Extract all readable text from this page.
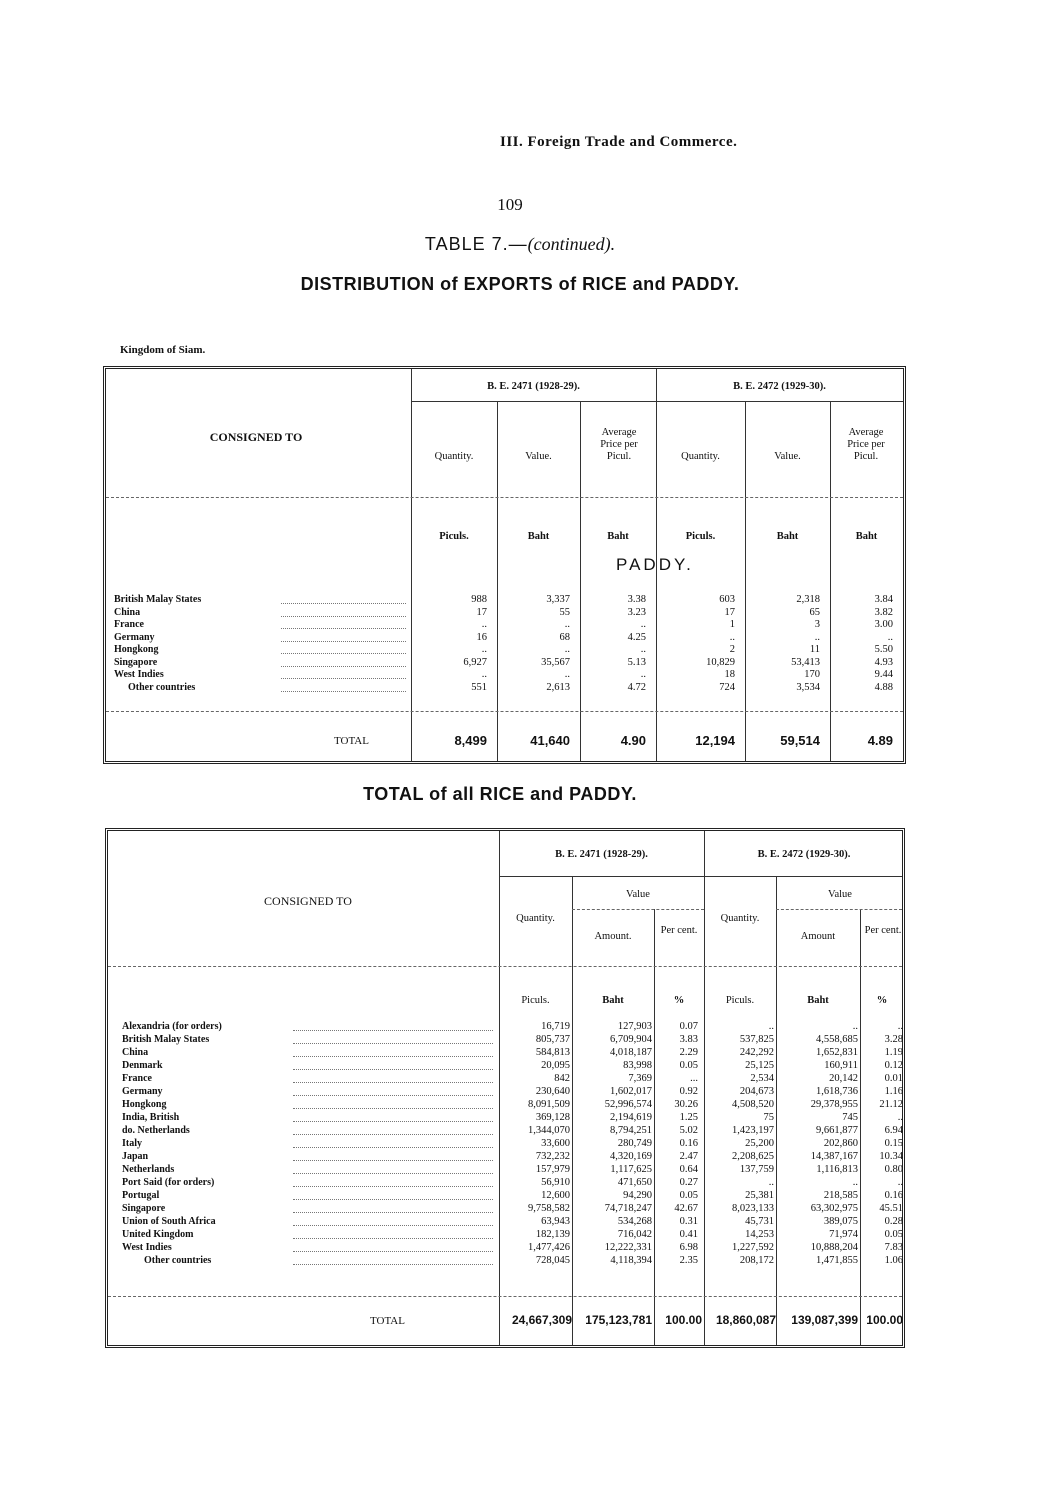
III. Foreign Trade and Commerce.
109
TABLE 7.—(continued).
DISTRIBUTION of EXPORTS of RICE and PADDY.
Kingdom of Siam.
B. E. 2471 (1928-29).	B. E. 2472 (1929-30).
CONSIGNED TO
Quantity.	Value.
Average Price per Picul.	Quantity.	Value.
Average Price per Picul.
Piculs.	Baht	Baht	Piculs.	Baht	Baht
PADDY.
British Malay States	988	3,337	3.38	603	2,318	3.84
China	17	55	3.23	17	65	3.82
France	..	..	..	1	3	3.00
Germany	16	68	4.25	..	..	..
Hongkong	..	..	..	2	11	5.50
Singapore	6,927	35,567	5.13	10,829	53,413	4.93
West Indies	..	..	..	18	170	9.44
Other countries	551	2,613	4.72	724	3,534	4.88
TOTAL	8,499	41,640	4.90	12,194	59,514	4.89
TOTAL of all RICE and PADDY.
B. E. 2471 (1928-29).	B. E. 2472 (1929-30).
CONSIGNED TO
Quantity.
Value
Amount.
Per cent.
Quantity.
Value
Amount
Per cent.
Piculs.	Baht	%	Piculs.	Baht	%
Alexandria (for orders)	16,719	127,903	0.07	..	..	..
British Malay States	805,737	6,709,904	3.83	537,825	4,558,685	3.28
China	584,813	4,018,187	2.29	242,292	1,652,831	1.19
Denmark	20,095	83,998	0.05	25,125	160,911	0.12
France	842	7,369	...	2,534	20,142	0.01
Germany	230,640	1,602,017	0.92	204,673	1,618,736	1.16
Hongkong	8,091,509	52,996,574	30.26	4,508,520	29,378,955	21.12
India, British	369,128	2,194,619	1.25	75	745	..
do. Netherlands	1,344,070	8,794,251	5.02	1,423,197	9,661,877	6.94
Italy	33,600	280,749	0.16	25,200	202,860	0.15
Japan	732,232	4,320,169	2.47	2,208,625	14,387,167	10.34
Netherlands	157,979	1,117,625	0.64	137,759	1,116,813	0.80
Port Said (for orders)	56,910	471,650	0.27	..	..	..
Portugal	12,600	94,290	0.05	25,381	218,585	0.16
Singapore	9,758,582	74,718,247	42.67	8,023,133	63,302,975	45.51
Union of South Africa	63,943	534,268	0.31	45,731	389,075	0.28
United Kingdom	182,139	716,042	0.41	14,253	71,974	0.05
West Indies	1,477,426	12,222,331	6.98	1,227,592	10,888,204	7.83
Other countries	728,045	4,118,394	2.35	208,172	1,471,855	1.06
TOTAL	24,667,309	175,123,781	100.00	18,860,087	139,087,399 100.00
